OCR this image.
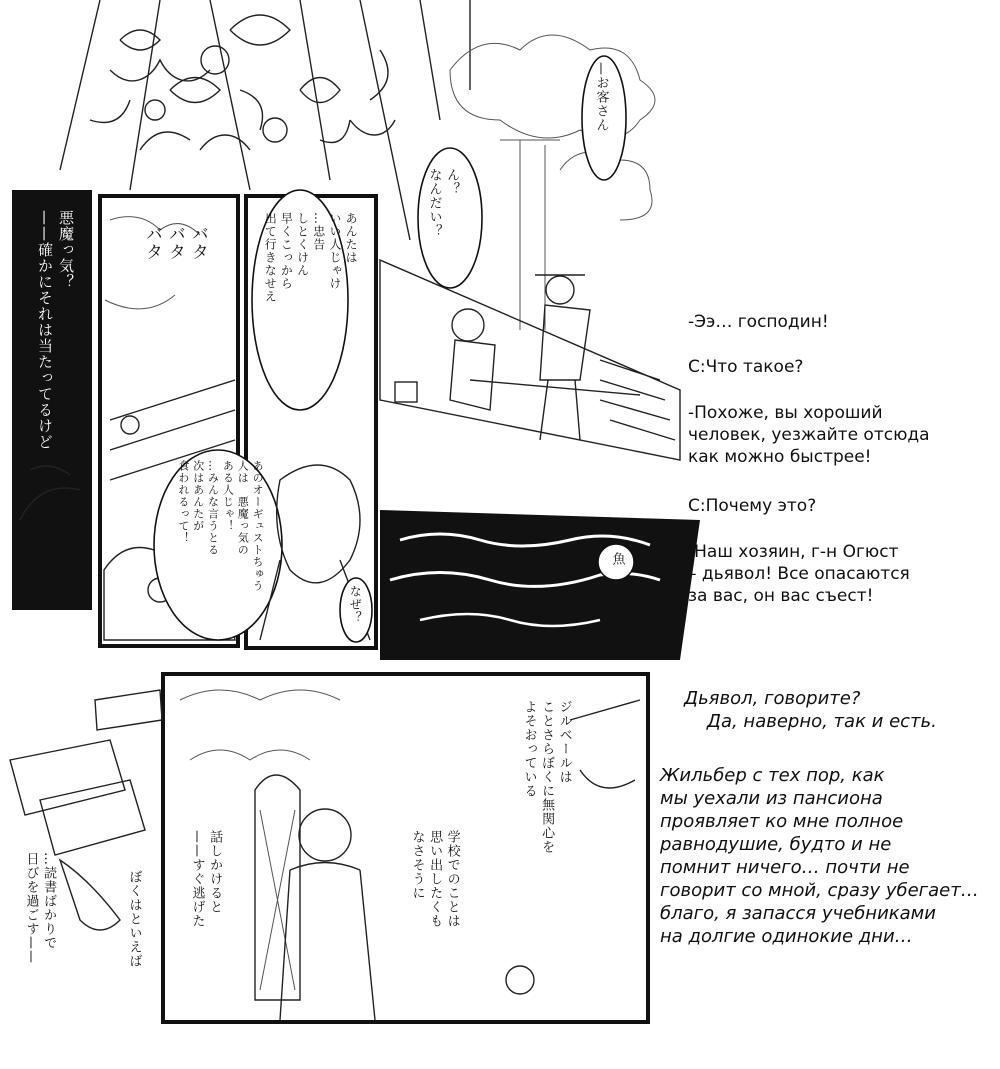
—お客さん
ん？
なんだい？
魚
悪魔っ気？
——確かにそれは当たってるけど	バタ
バタ
バタ	あんたは
いい人じゃけ
…忠告
しとくけん
早くこっから
出て行きなせえ
あのオーギュストちゅう
人は　悪魔っ気の
ある人じゃ！
…みんな言うとる
次はあんたが
食われるって！
なぜ？
ジルベールは
ことさらぼくに無関心を
よそおっている
学校でのことは
思い出したくも
なさそうに
話しかけると
——すぐ逃げた
ぼくはといえば
…読書ばかりで
日びを過ごす——
-Ээ… господин!
С:Что такое?
-Похоже, вы хороший
человек, уезжайте отсюда
как можно быстрее!
С:Почему это?
-Наш хозяин, г-н Огюст
– дьявол! Все опасаются
за вас, он вас съест!
Дьявол, говорите?
Да, наверно, так и есть.
Жильбер с тех пор, как
мы уехали из пансиона
проявляет ко мне полное
равнодушие, будто и не
помнит ничего… почти не
говорит со мной, сразу убегает…
благо, я запасся учебниками
на долгие одинокие дни…
